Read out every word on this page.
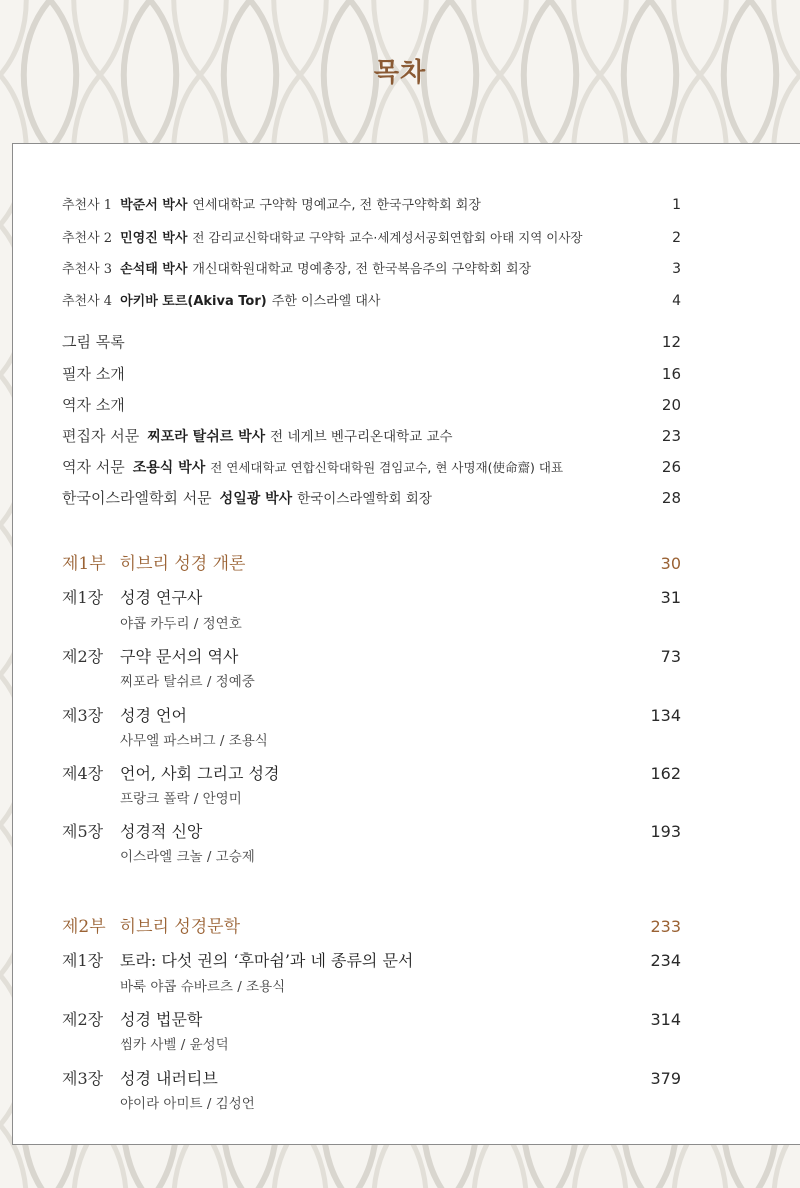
목차
추천사 1 박준서 박사 연세대학교 구약학 명예교수, 전 한국구약학회 회장	1
추천사 2 민영진 박사 전 감리교신학대학교 구약학 교수·세계성서공회연합회 아태 지역 이사장	2
추천사 3 손석태 박사 개신대학원대학교 명예총장, 전 한국복음주의 구약학회 회장	3
추천사 4 아키바 토르(Akiva Tor) 주한 이스라엘 대사	4
그림 목록	12
필자 소개	16
역자 소개	20
편집자 서문 찌포라 탈쉬르 박사 전 네게브 벤구리온대학교 교수	23
역자 서문 조용식 박사 전 연세대학교 연합신학대학원 겸임교수, 현 사명재(使命齋) 대표	26
한국이스라엘학회 서문 성일광 박사 한국이스라엘학회 회장	28
제1부 히브리 성경 개론	30
제1장	성경 연구사	31
야콥 카두리 / 정연호
제2장	구약 문서의 역사	73
찌포라 탈쉬르 / 정예중
제3장	성경 언어	134
사무엘 파스버그 / 조용식
제4장	언어, 사회 그리고 성경	162
프랑크 폴락 / 안영미
제5장	성경적 신앙	193
이스라엘 크놀 / 고승제
제2부 히브리 성경문학	233
제1장	토라: 다섯 권의 ‘후마쉼’과 네 종류의 문서	234
바룩 야콥 슈바르츠 / 조용식
제2장	성경 법문학	314
씸카 사벨 / 윤성덕
제3장	성경 내러티브	379
야이라 아미트 / 김성언
